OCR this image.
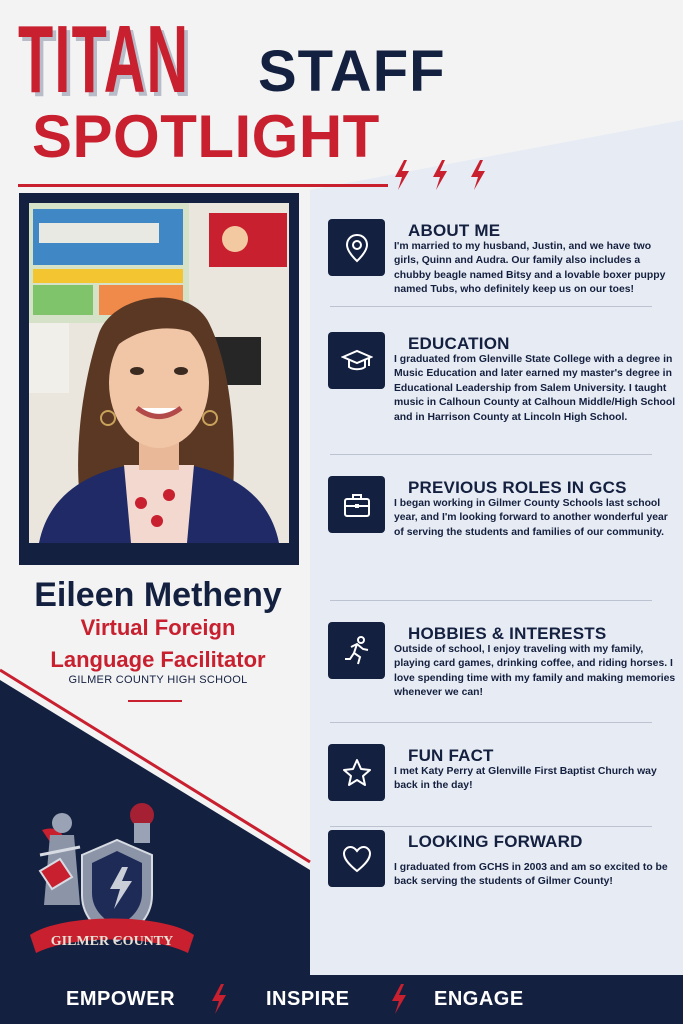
TITAN STAFF
SPOTLIGHT
Eileen Metheny
Virtual Foreign
Language Facilitator
GILMER COUNTY HIGH SCHOOL
GILMER COUNTY
ABOUT ME
I'm married to my husband, Justin, and we have two girls, Quinn and Audra. Our family also includes a chubby beagle named Bitsy and a lovable boxer puppy named Tubs, who definitely keep us on our toes!
EDUCATION
I graduated from Glenville State College with a degree in Music Education and later earned my master's degree in Educational Leadership from Salem University. I taught music in Calhoun County at Calhoun Middle/High School and in Harrison County at Lincoln High School.
PREVIOUS ROLES IN GCS
I began working in Gilmer County Schools last school year, and I'm looking forward to another wonderful year of serving the students and families of our community.
HOBBIES & INTERESTS
Outside of school, I enjoy traveling with my family, playing card games, drinking coffee, and riding horses. I love spending time with my family and making memories whenever we can!
FUN FACT
I met Katy Perry at Glenville First Baptist Church way back in the day!
LOOKING FORWARD
I graduated from GCHS in 2003 and am so excited to be back serving the students of Gilmer County!
EMPOWER	INSPIRE	ENGAGE
